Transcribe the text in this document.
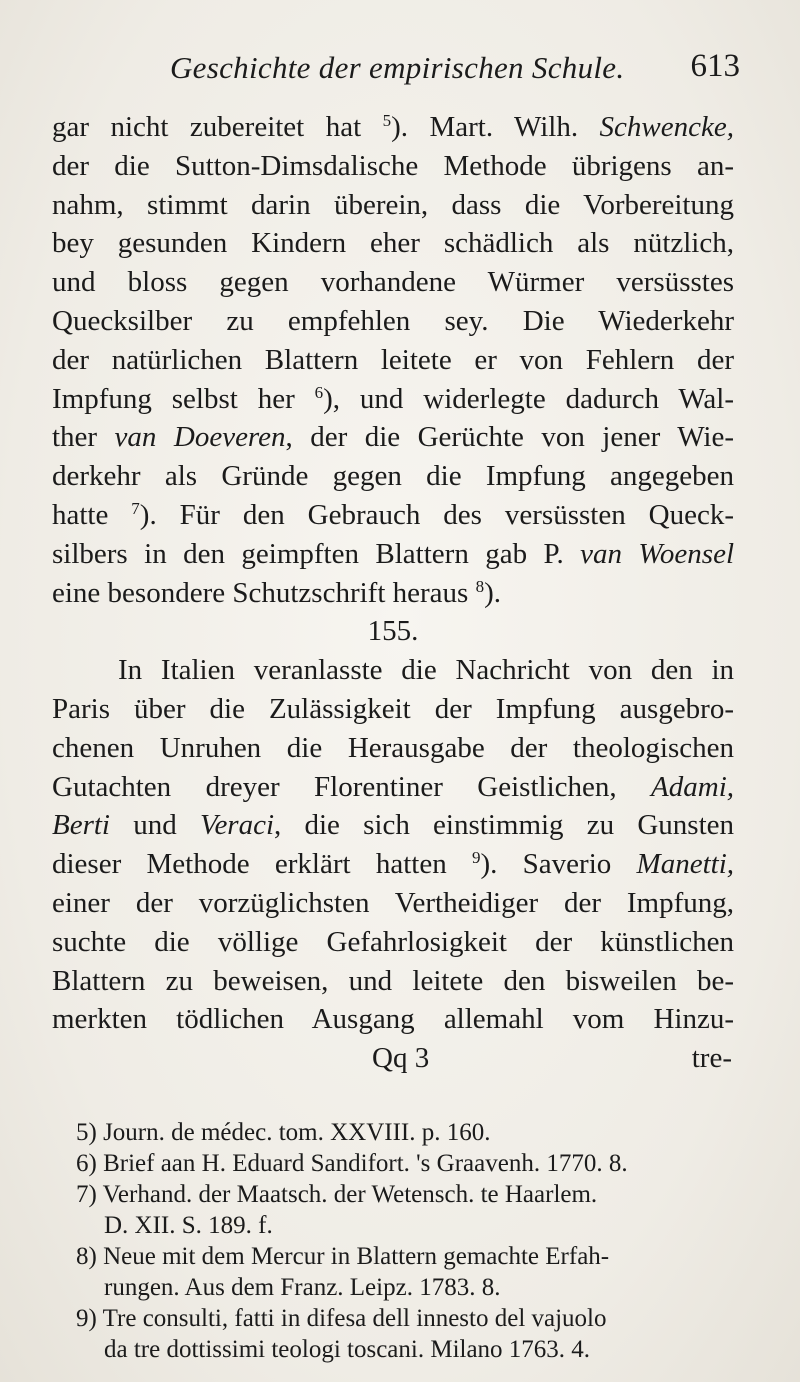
Geschichte der empirischen Schule. 613
gar nicht zubereitet hat $^5$). Mart. Wilh. Schwencke,
der die Sutton-Dimsdalische Methode übrigens an-
nahm, stimmt darin überein, dass die Vorbereitung
bey gesunden Kindern eher schädlich als nützlich,
und bloss gegen vorhandene Würmer versüsstes
Quecksilber zu empfehlen sey. Die Wiederkehr
der natürlichen Blattern leitete er von Fehlern der
Impfung selbst her $^6$), und widerlegte dadurch Wal-
ther van Doeveren, der die Gerüchte von jener Wie-
derkehr als Gründe gegen die Impfung angegeben
hatte $^7$). Für den Gebrauch des versüssten Queck-
silbers in den geimpften Blattern gab P. van Woensel
eine besondere Schutzschrift heraus $^8$).
155.
In Italien veranlasste die Nachricht von den in
Paris über die Zulässigkeit der Impfung ausgebro-
chenen Unruhen die Herausgabe der theologischen
Gutachten dreyer Florentiner Geistlichen, Adami,
Berti und Veraci, die sich einstimmig zu Gunsten
dieser Methode erklärt hatten $^9$). Saverio Manetti,
einer der vorzüglichsten Vertheidiger der Impfung,
suchte die völlige Gefahrlosigkeit der künstlichen
Blattern zu beweisen, und leitete den bisweilen be-
merkten tödlichen Ausgang allemahl vom Hinzu-
Qq 3	tre-
5) Journ. de médec. tom. XXVIII. p. 160.
6) Brief aan H. Eduard Sandifort. 's Graavenh. 1770. 8.
7) Verhand. der Maatsch. der Wetensch. te Haarlem.
D. XII. S. 189. f.
8) Neue mit dem Mercur in Blattern gemachte Erfah-
rungen. Aus dem Franz. Leipz. 1783. 8.
9) Tre consulti, fatti in difesa dell innesto del vajuolo
da tre dottissimi teologi toscani. Milano 1763. 4.
